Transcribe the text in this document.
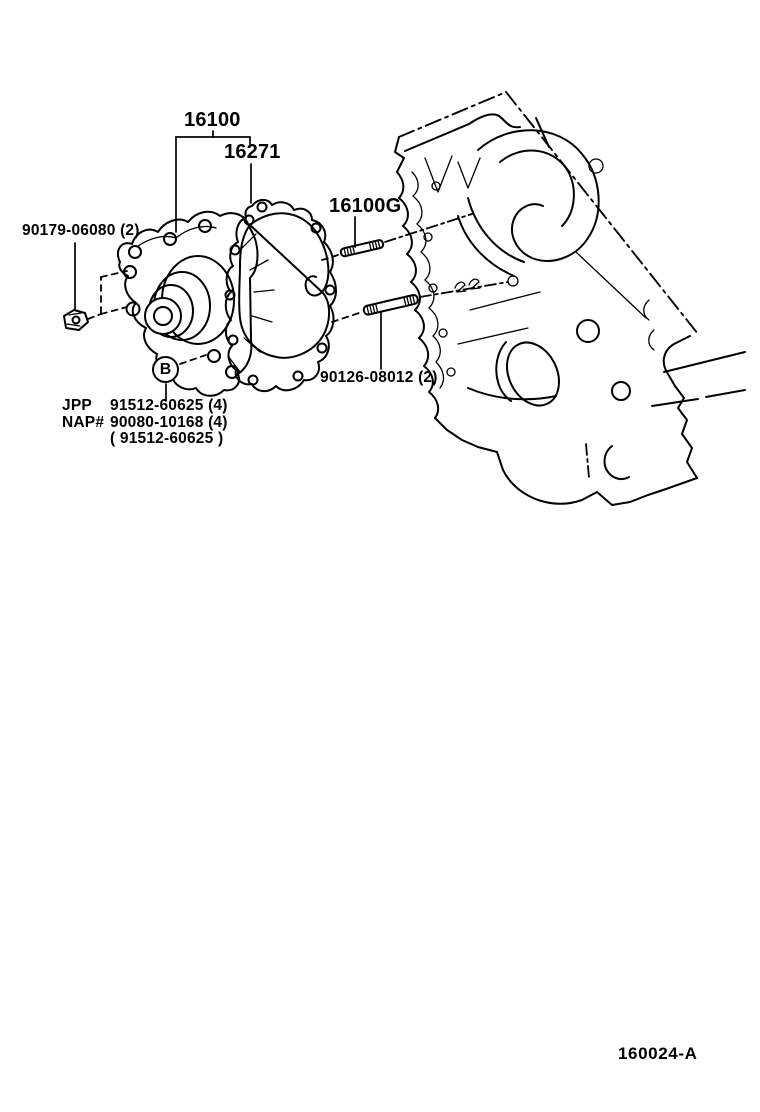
16100
16271
16100G
90179-06080 (2)
90126-08012 (2)
B
JPP	91512-60625 (4)
NAP# 90080-10168 (4)
( 91512-60625 )
160024-A
